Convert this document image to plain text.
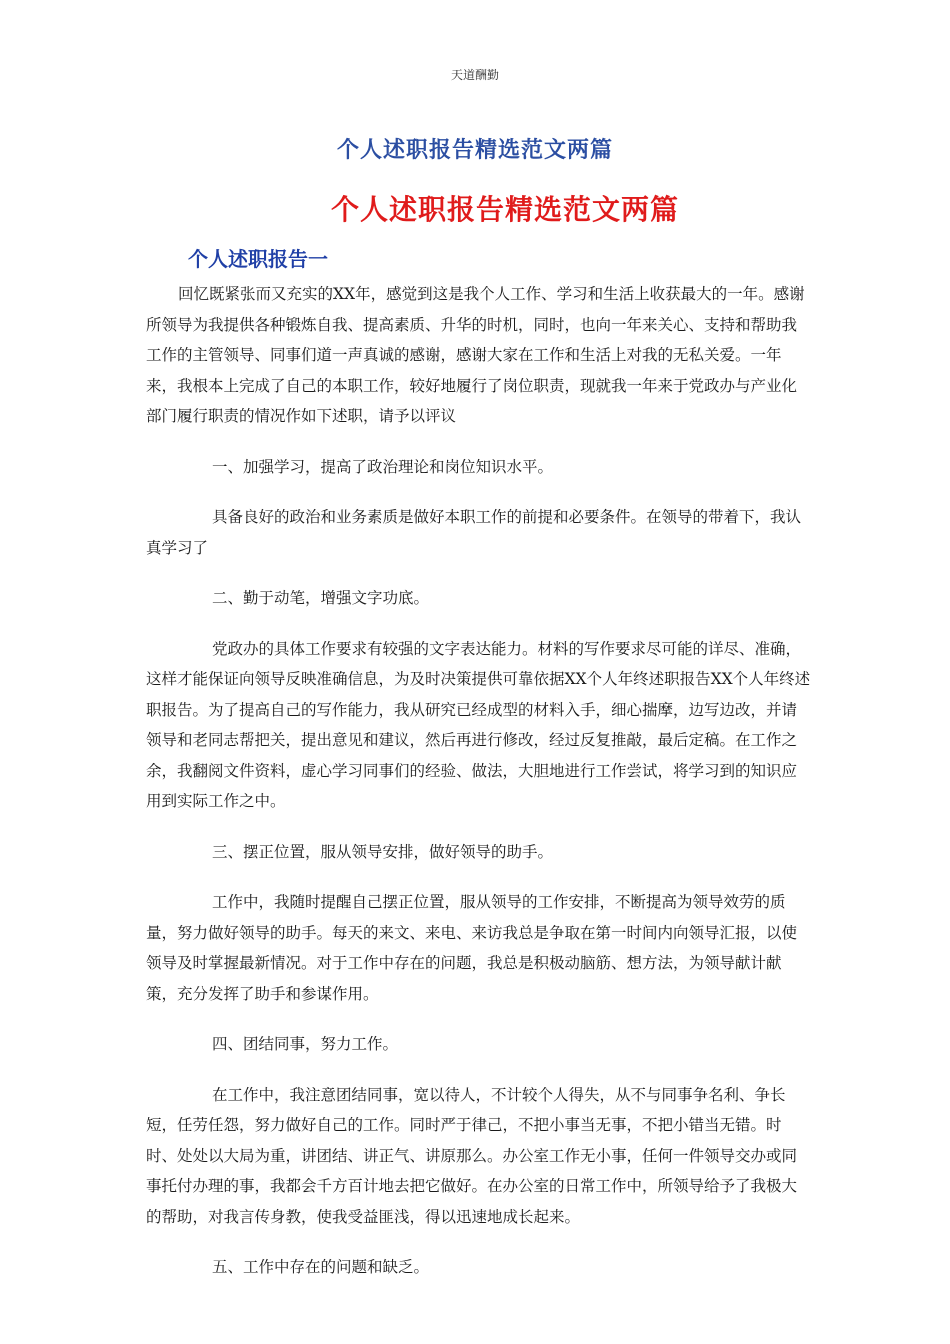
天道酬勤
个人述职报告精选范文两篇
个人述职报告精选范文两篇
个人述职报告一

回忆既紧张而又充实的XX年，感觉到这是我个人工作、学习和生活上收获最大的一年。感谢所领导为我提供各种锻炼自我、提高素质、升华的时机，同时，也向一年来关心、支持和帮助我工作的主管领导、同事们道一声真诚的感谢，感谢大家在工作和生活上对我的无私关爱。一年来，我根本上完成了自己的本职工作，较好地履行了岗位职责，现就我一年来于党政办与产业化部门履行职责的情况作如下述职，请予以评议

一、加强学习，提高了政治理论和岗位知识水平。

具备良好的政治和业务素质是做好本职工作的前提和必要条件。在领导的带着下，我认真学习了

二、勤于动笔，增强文字功底。

党政办的具体工作要求有较强的文字表达能力。材料的写作要求尽可能的详尽、准确，这样才能保证向领导反映准确信息，为及时决策提供可靠依据XX个人年终述职报告XX个人年终述职报告。为了提高自己的写作能力，我从研究已经成型的材料入手，细心揣摩，边写边改，并请领导和老同志帮把关，提出意见和建议，然后再进行修改，经过反复推敲，最后定稿。在工作之余，我翻阅文件资料，虚心学习同事们的经验、做法，大胆地进行工作尝试，将学习到的知识应用到实际工作之中。

三、摆正位置，服从领导安排，做好领导的助手。

工作中，我随时提醒自己摆正位置，服从领导的工作安排，不断提高为领导效劳的质量，努力做好领导的助手。每天的来文、来电、来访我总是争取在第一时间内向领导汇报，以使领导及时掌握最新情况。对于工作中存在的问题，我总是积极动脑筋、想方法，为领导献计献策，充分发挥了助手和参谋作用。

四、团结同事，努力工作。

在工作中，我注意团结同事，宽以待人，不计较个人得失，从不与同事争名利、争长短，任劳任怨，努力做好自己的工作。同时严于律己，不把小事当无事，不把小错当无错。时时、处处以大局为重，讲团结、讲正气、讲原那么。办公室工作无小事，任何一件领导交办或同事托付办理的事，我都会千方百计地去把它做好。在办公室的日常工作中，所领导给予了我极大的帮助，对我言传身教，使我受益匪浅，得以迅速地成长起来。

五、工作中存在的问题和缺乏。
